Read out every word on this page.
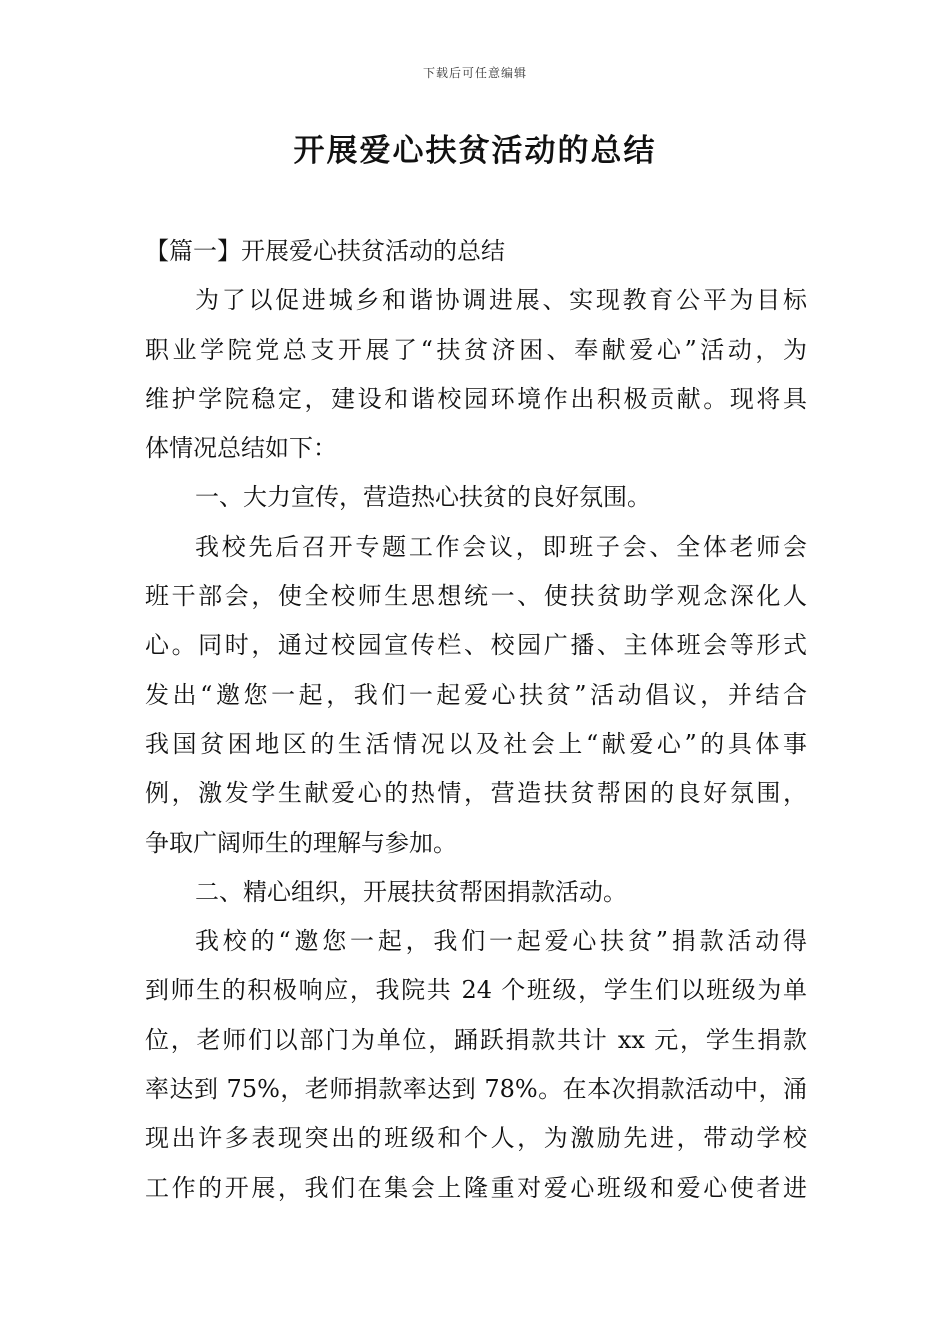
下载后可任意编辑
开展爱心扶贫活动的总结
【篇一】开展爱心扶贫活动的总结
为了以促进城乡和谐协调进展、实现教育公平为目标
职业学院党总支开展了“扶贫济困、奉献爱心”活动，为
维护学院稳定，建设和谐校园环境作出积极贡献。现将具
体情况总结如下：
一、大力宣传，营造热心扶贫的良好氛围。
我校先后召开专题工作会议，即班子会、全体老师会
班干部会，使全校师生思想统一、使扶贫助学观念深化人
心。同时，通过校园宣传栏、校园广播、主体班会等形式
发出“邀您一起，我们一起爱心扶贫”活动倡议，并结合
我国贫困地区的生活情况以及社会上“献爱心”的具体事
例，激发学生献爱心的热情，营造扶贫帮困的良好氛围，
争取广阔师生的理解与参加。
二、精心组织，开展扶贫帮困捐款活动。
我校的“邀您一起，我们一起爱心扶贫”捐款活动得
到师生的积极响应，我院共 24 个班级，学生们以班级为单
位，老师们以部门为单位，踊跃捐款共计 xx 元，学生捐款
率达到 75%，老师捐款率达到 78%。在本次捐款活动中，涌
现出许多表现突出的班级和个人，为激励先进，带动学校
工作的开展，我们在集会上隆重对爱心班级和爱心使者进
